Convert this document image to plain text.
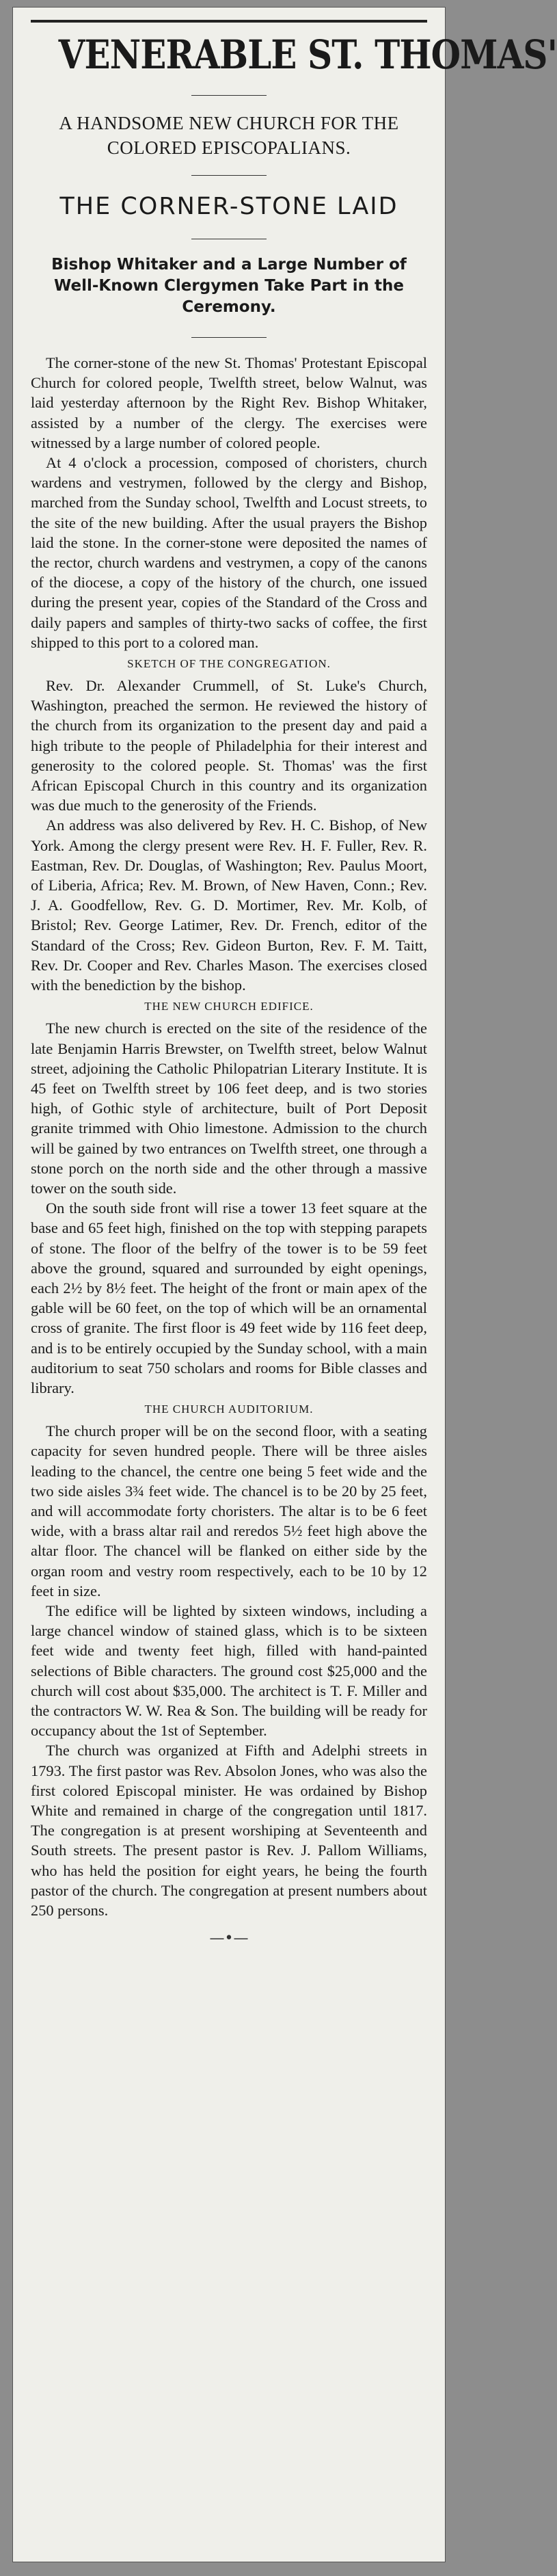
VENERABLE ST. THOMAS'
A HANDSOME NEW CHURCH FOR THE COLORED EPISCOPALIANS.
THE CORNER-STONE LAID
Bishop Whitaker and a Large Number of Well-Known Clergymen Take Part in the Ceremony.

The corner-stone of the new St. Thomas' Protestant Episcopal Church for colored people, Twelfth street, below Walnut, was laid yesterday afternoon by the Right Rev. Bishop Whitaker, assisted by a number of the clergy. The exercises were witnessed by a large number of colored people.

At 4 o'clock a procession, composed of choristers, church wardens and vestrymen, followed by the clergy and Bishop, marched from the Sunday school, Twelfth and Locust streets, to the site of the new building. After the usual prayers the Bishop laid the stone. In the corner-stone were deposited the names of the rector, church wardens and vestrymen, a copy of the canons of the diocese, a copy of the history of the church, one issued during the present year, copies of the Standard of the Cross and daily papers and samples of thirty-two sacks of coffee, the first shipped to this port to a colored man.

SKETCH OF THE CONGREGATION.

Rev. Dr. Alexander Crummell, of St. Luke's Church, Washington, preached the sermon. He reviewed the history of the church from its organization to the present day and paid a high tribute to the people of Philadelphia for their interest and generosity to the colored people. St. Thomas' was the first African Episcopal Church in this country and its organization was due much to the generosity of the Friends.

An address was also delivered by Rev. H. C. Bishop, of New York. Among the clergy present were Rev. H. F. Fuller, Rev. R. Eastman, Rev. Dr. Douglas, of Washington; Rev. Paulus Moort, of Liberia, Africa; Rev. M. Brown, of New Haven, Conn.; Rev. J. A. Goodfellow, Rev. G. D. Mortimer, Rev. Mr. Kolb, of Bristol; Rev. George Latimer, Rev. Dr. French, editor of the Standard of the Cross; Rev. Gideon Burton, Rev. F. M. Taitt, Rev. Dr. Cooper and Rev. Charles Mason. The exercises closed with the benediction by the bishop.

THE NEW CHURCH EDIFICE.

The new church is erected on the site of the residence of the late Benjamin Harris Brewster, on Twelfth street, below Walnut street, adjoining the Catholic Philopatrian Literary Institute. It is 45 feet on Twelfth street by 106 feet deep, and is two stories high, of Gothic style of architecture, built of Port Deposit granite trimmed with Ohio limestone. Admission to the church will be gained by two entrances on Twelfth street, one through a stone porch on the north side and the other through a massive tower on the south side.

On the south side front will rise a tower 13 feet square at the base and 65 feet high, finished on the top with stepping parapets of stone. The floor of the belfry of the tower is to be 59 feet above the ground, squared and surrounded by eight openings, each 2½ by 8½ feet. The height of the front or main apex of the gable will be 60 feet, on the top of which will be an ornamental cross of granite. The first floor is 49 feet wide by 116 feet deep, and is to be entirely occupied by the Sunday school, with a main auditorium to seat 750 scholars and rooms for Bible classes and library.

THE CHURCH AUDITORIUM.

The church proper will be on the second floor, with a seating capacity for seven hundred people. There will be three aisles leading to the chancel, the centre one being 5 feet wide and the two side aisles 3¾ feet wide. The chancel is to be 20 by 25 feet, and will accommodate forty choristers. The altar is to be 6 feet wide, with a brass altar rail and reredos 5½ feet high above the altar floor. The chancel will be flanked on either side by the organ room and vestry room respectively, each to be 10 by 12 feet in size.

The edifice will be lighted by sixteen windows, including a large chancel window of stained glass, which is to be sixteen feet wide and twenty feet high, filled with hand-painted selections of Bible characters. The ground cost $25,000 and the church will cost about $35,000. The architect is T. F. Miller and the contractors W. W. Rea & Son. The building will be ready for occupancy about the 1st of September.

The church was organized at Fifth and Adelphi streets in 1793. The first pastor was Rev. Absolon Jones, who was also the first colored Episcopal minister. He was ordained by Bishop White and remained in charge of the congregation until 1817. The congregation is at present worshiping at Seventeenth and South streets. The present pastor is Rev. J. Pallom Williams, who has held the position for eight years, he being the fourth pastor of the church. The congregation at present numbers about 250 persons.

—•—
